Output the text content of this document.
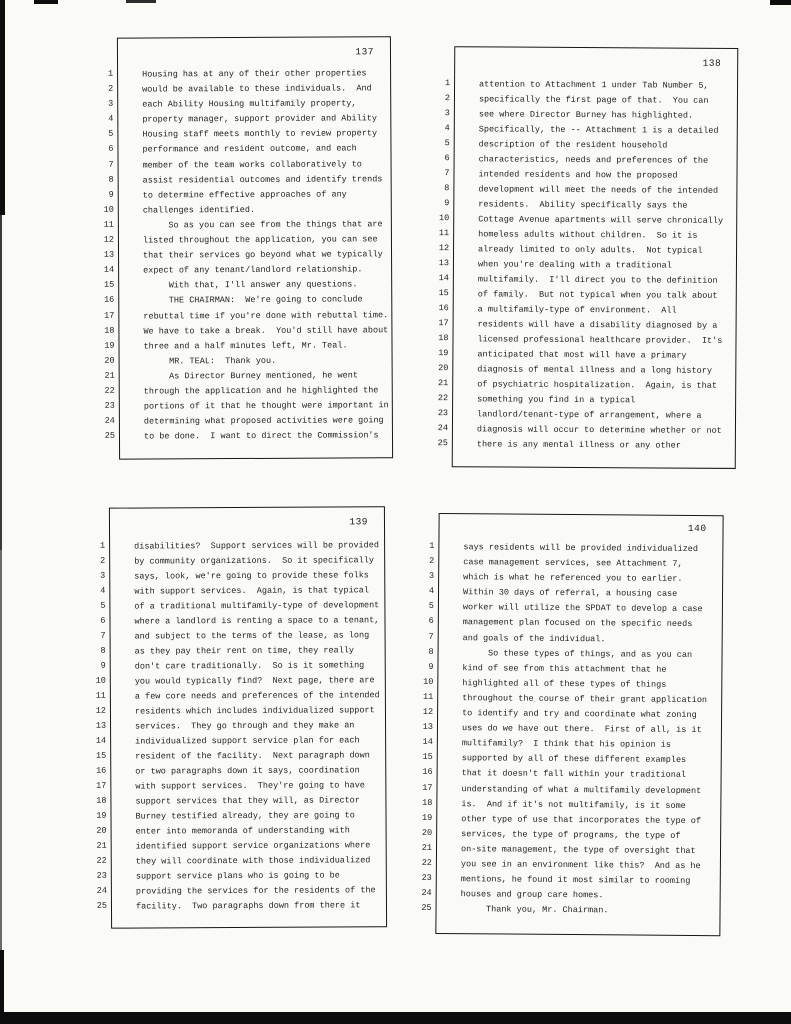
1
2
3
4
5
6
7
8
9
10
11
12
13
14
15
16
17
18
19
20
21
22
23
24
25
137
Housing has at any of their other properties
would be available to these individuals.  And
each Ability Housing multifamily property,
property manager, support provider and Ability
Housing staff meets monthly to review property
performance and resident outcome, and each
member of the team works collaboratively to
assist residential outcomes and identify trends
to determine effective approaches of any
challenges identified.
So as you can see from the things that are
listed throughout the application, you can see
that their services go beyond what we typically
expect of any tenant/landlord relationship.
With that, I'll answer any questions.
THE CHAIRMAN:  We're going to conclude
rebuttal time if you're done with rebuttal time.
We have to take a break.  You'd still have about
three and a half minutes left, Mr. Teal.
MR. TEAL:  Thank you.
As Director Burney mentioned, he went
through the application and he highlighted the
portions of it that he thought were important in
determining what proposed activities were going
to be done.  I want to direct the Commission's
1
2
3
4
5
6
7
8
9
10
11
12
13
14
15
16
17
18
19
20
21
22
23
24
25
138
attention to Attachment 1 under Tab Number 5,
specifically the first page of that.  You can
see where Director Burney has highlighted.
Specifically, the -- Attachment 1 is a detailed
description of the resident household
characteristics, needs and preferences of the
intended residents and how the proposed
development will meet the needs of the intended
residents.  Ability specifically says the
Cottage Avenue apartments will serve chronically
homeless adults without children.  So it is
already limited to only adults.  Not typical
when you're dealing with a traditional
multifamily.  I'll direct you to the definition
of family.  But not typical when you talk about
a multifamily-type of environment.  All
residents will have a disability diagnosed by a
licensed professional healthcare provider.  It's
anticipated that most will have a primary
diagnosis of mental illness and a long history
of psychiatric hospitalization.  Again, is that
something you find in a typical
landlord/tenant-type of arrangement, where a
diagnosis will occur to determine whether or not
there is any mental illness or any other
1
2
3
4
5
6
7
8
9
10
11
12
13
14
15
16
17
18
19
20
21
22
23
24
25
139
disabilities?  Support services will be provided
by community organizations.  So it specifically
says, look, we're going to provide these folks
with support services.  Again, is that typical
of a traditional multifamily-type of development
where a landlord is renting a space to a tenant,
and subject to the terms of the lease, as long
as they pay their rent on time, they really
don't care traditionally.  So is it something
you would typically find?  Next page, there are
a few core needs and preferences of the intended
residents which includes individualized support
services.  They go through and they make an
individualized support service plan for each
resident of the facility.  Next paragraph down
or two paragraphs down it says, coordination
with support services.  They're going to have
support services that they will, as Director
Burney testified already, they are going to
enter into memoranda of understanding with
identified support service organizations where
they will coordinate with those individualized
support service plans who is going to be
providing the services for the residents of the
facility.  Two paragraphs down from there it
1
2
3
4
5
6
7
8
9
10
11
12
13
14
15
16
17
18
19
20
21
22
23
24
25
140
says residents will be provided individualized
case management services, see Attachment 7,
which is what he referenced you to earlier.
Within 30 days of referral, a housing case
worker will utilize the SPDAT to develop a case
management plan focused on the specific needs
and goals of the individual.
So these types of things, and as you can
kind of see from this attachment that he
highlighted all of these types of things
throughout the course of their grant application
to identify and try and coordinate what zoning
uses do we have out there.  First of all, is it
multifamily?  I think that his opinion is
supported by all of these different examples
that it doesn't fall within your traditional
understanding of what a multifamily development
is.  And if it's not multifamily, is it some
other type of use that incorporates the type of
services, the type of programs, the type of
on-site management, the type of oversight that
you see in an environment like this?  And as he
mentions, he found it most similar to rooming
houses and group care homes.
Thank you, Mr. Chairman.
